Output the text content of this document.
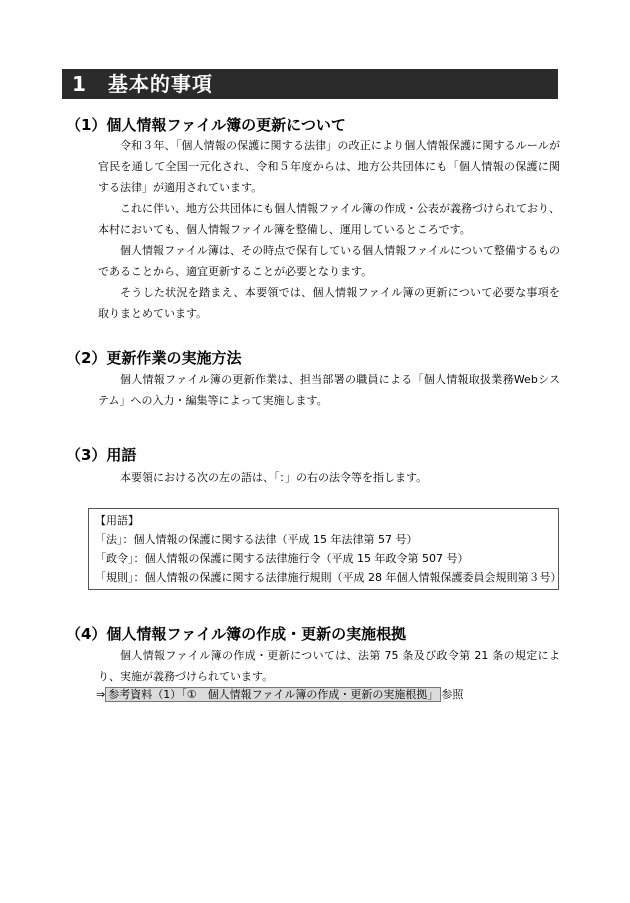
1　基本的事項
（1）個人情報ファイル簿の更新について
令和３年、「個人情報の保護に関する法律」の改正により個人情報保護に関するルールが官民を通して全国一元化され、令和５年度からは、地方公共団体にも「個人情報の保護に関する法律」が適用されています。
これに伴い、地方公共団体にも個人情報ファイル簿の作成・公表が義務づけられており、本村においても、個人情報ファイル簿を整備し、運用しているところです。
個人情報ファイル簿は、その時点で保有している個人情報ファイルについて整備するものであることから、適宜更新することが必要となります。
そうした状況を踏まえ、本要領では、個人情報ファイル簿の更新について必要な事項を取りまとめています。
（2）更新作業の実施方法
個人情報ファイル簿の更新作業は、担当部署の職員による「個人情報取扱業務Webシステム」への入力・編集等によって実施します。
（3）用語
本要領における次の左の語は、「：」の右の法令等を指します。
【用語】
「法」：個人情報の保護に関する法律（平成 15 年法律第 57 号）
「政令」：個人情報の保護に関する法律施行令（平成 15 年政令第 507 号）
「規則」：個人情報の保護に関する法律施行規則（平成 28 年個人情報保護委員会規則第３号）
（4）個人情報ファイル簿の作成・更新の実施根拠
個人情報ファイル簿の作成・更新については、法第 75 条及び政令第 21 条の規定により、実施が義務づけられています。
⇒ 参考資料（1）「①　個人情報ファイル簿の作成・更新の実施根拠」 参照
